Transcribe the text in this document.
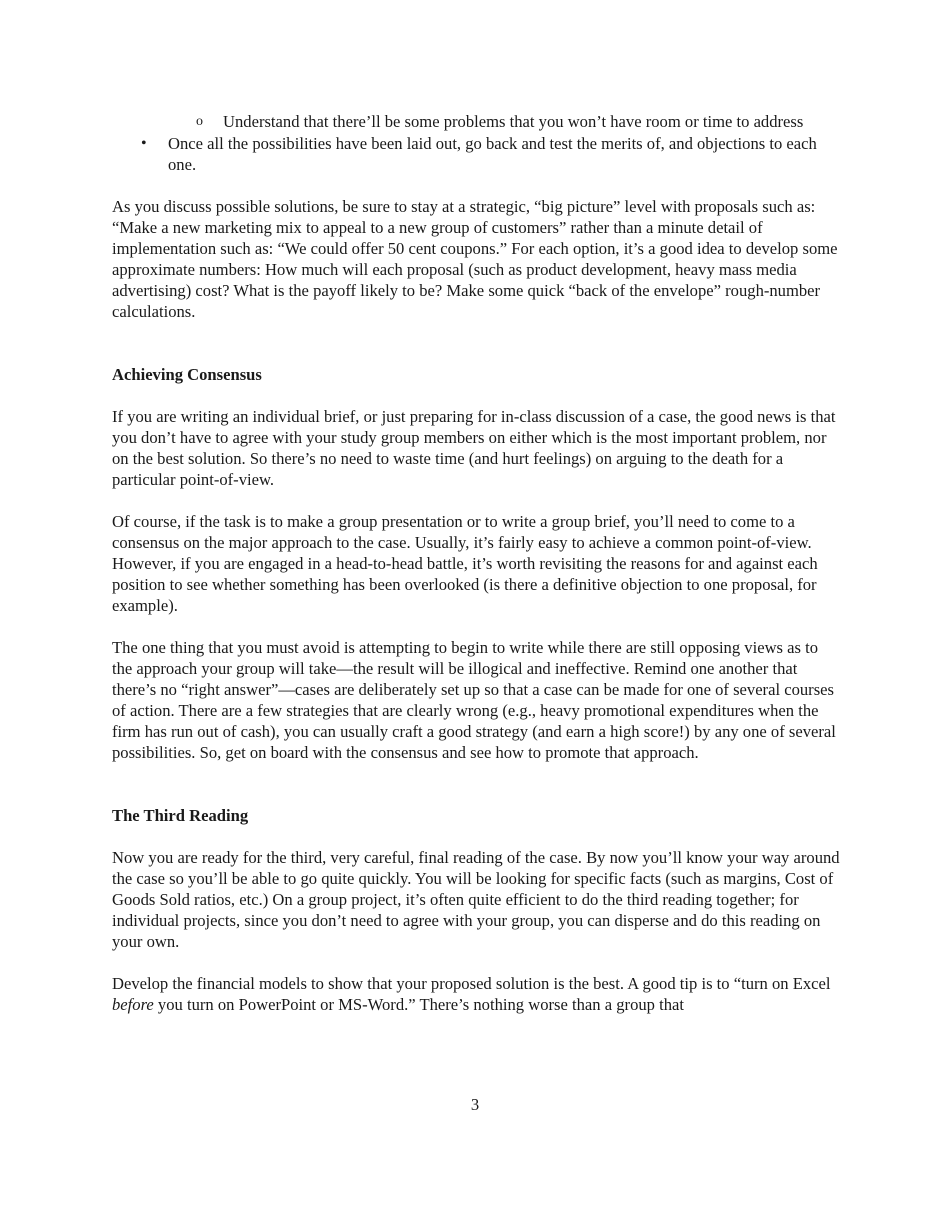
o Understand that there’ll be some problems that you won’t have room or time to address
• Once all the possibilities have been laid out, go back and test the merits of, and objections to each one.

As you discuss possible solutions, be sure to stay at a strategic, “big picture” level with proposals such as: “Make a new marketing mix to appeal to a new group of customers” rather than a minute detail of implementation such as: “We could offer 50 cent coupons.” For each option, it’s a good idea to develop some approximate numbers: How much will each proposal (such as product development, heavy mass media advertising) cost? What is the payoff likely to be? Make some quick “back of the envelope” rough-number calculations.

Achieving Consensus

If you are writing an individual brief, or just preparing for in-class discussion of a case, the good news is that you don’t have to agree with your study group members on either which is the most important problem, nor on the best solution. So there’s no need to waste time (and hurt feelings) on arguing to the death for a particular point-of-view.

Of course, if the task is to make a group presentation or to write a group brief, you’ll need to come to a consensus on the major approach to the case. Usually, it’s fairly easy to achieve a common point-of-view. However, if you are engaged in a head-to-head battle, it’s worth revisiting the reasons for and against each position to see whether something has been overlooked (is there a definitive objection to one proposal, for example).

The one thing that you must avoid is attempting to begin to write while there are still opposing views as to the approach your group will take—the result will be illogical and ineffective. Remind one another that there’s no “right answer”—cases are deliberately set up so that a case can be made for one of several courses of action. There are a few strategies that are clearly wrong (e.g., heavy promotional expenditures when the firm has run out of cash), you can usually craft a good strategy (and earn a high score!) by any one of several possibilities. So, get on board with the consensus and see how to promote that approach.

The Third Reading

Now you are ready for the third, very careful, final reading of the case. By now you’ll know your way around the case so you’ll be able to go quite quickly. You will be looking for specific facts (such as margins, Cost of Goods Sold ratios, etc.) On a group project, it’s often quite efficient to do the third reading together; for individual projects, since you don’t need to agree with your group, you can disperse and do this reading on your own.

Develop the financial models to show that your proposed solution is the best. A good tip is to “turn on Excel before you turn on PowerPoint or MS-Word.” There’s nothing worse than a group that

3
